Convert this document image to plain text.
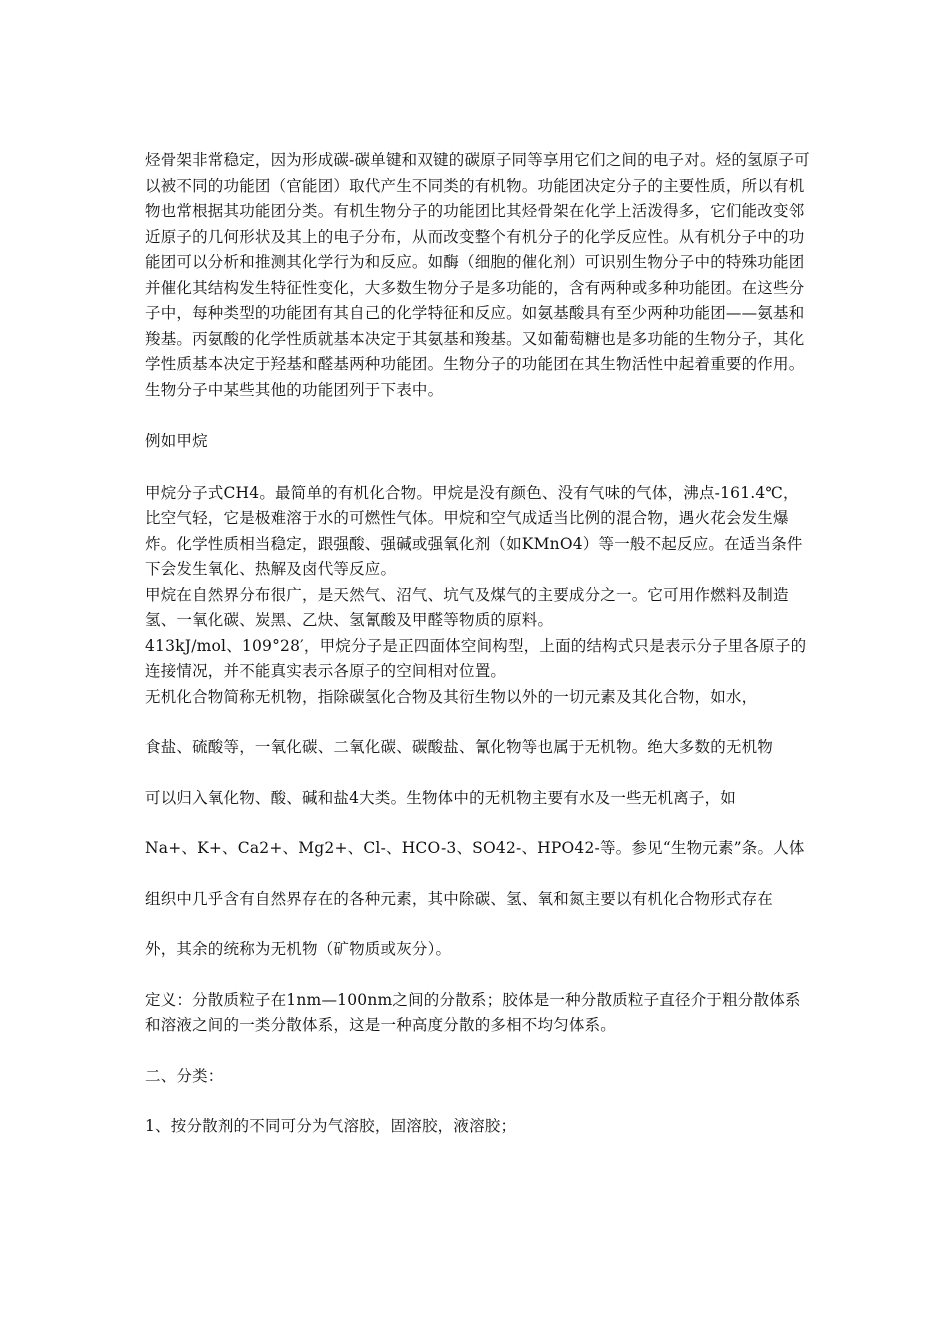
烃骨架非常稳定，因为形成碳-碳单键和双键的碳原子同等享用它们之间的电子对。烃的氢原子可以被不同的功能团（官能团）取代产生不同类的有机物。功能团决定分子的主要性质，所以有机物也常根据其功能团分类。有机生物分子的功能团比其烃骨架在化学上活泼得多，它们能改变邻近原子的几何形状及其上的电子分布，从而改变整个有机分子的化学反应性。从有机分子中的功能团可以分析和推测其化学行为和反应。如酶（细胞的催化剂）可识别生物分子中的特殊功能团并催化其结构发生特征性变化，大多数生物分子是多功能的，含有两种或多种功能团。在这些分子中，每种类型的功能团有其自己的化学特征和反应。如氨基酸具有至少两种功能团——氨基和羧基。丙氨酸的化学性质就基本决定于其氨基和羧基。又如葡萄糖也是多功能的生物分子，其化学性质基本决定于羟基和醛基两种功能团。生物分子的功能团在其生物活性中起着重要的作用。生物分子中某些其他的功能团列于下表中。

例如甲烷

甲烷分子式CH4。最简单的有机化合物。甲烷是没有颜色、没有气味的气体，沸点-161.4℃，比空气轻，它是极难溶于水的可燃性气体。甲烷和空气成适当比例的混合物，遇火花会发生爆炸。化学性质相当稳定，跟强酸、强碱或强氧化剂（如KMnO4）等一般不起反应。在适当条件下会发生氧化、热解及卤代等反应。

甲烷在自然界分布很广，是天然气、沼气、坑气及煤气的主要成分之一。它可用作燃料及制造氢、一氧化碳、炭黑、乙炔、氢氰酸及甲醛等物质的原料。

413kJ/mol、109°28′，甲烷分子是正四面体空间构型，上面的结构式只是表示分子里各原子的连接情况，并不能真实表示各原子的空间相对位置。

无机化合物简称无机物，指除碳氢化合物及其衍生物以外的一切元素及其化合物，如水，

食盐、硫酸等，一氧化碳、二氧化碳、碳酸盐、氰化物等也属于无机物。绝大多数的无机物

可以归入氧化物、酸、碱和盐4大类。生物体中的无机物主要有水及一些无机离子，如

Na+、K+、Ca2+、Mg2+、Cl-、HCO-3、SO42-、HPO42-等。参见“生物元素”条。人体

组织中几乎含有自然界存在的各种元素，其中除碳、氢、氧和氮主要以有机化合物形式存在

外，其余的统称为无机物（矿物质或灰分）。

定义：分散质粒子在1nm—100nm之间的分散系；胶体是一种分散质粒子直径介于粗分散体系和溶液之间的一类分散体系，这是一种高度分散的多相不均匀体系。

二、分类：

1、按分散剂的不同可分为气溶胶，固溶胶，液溶胶；
